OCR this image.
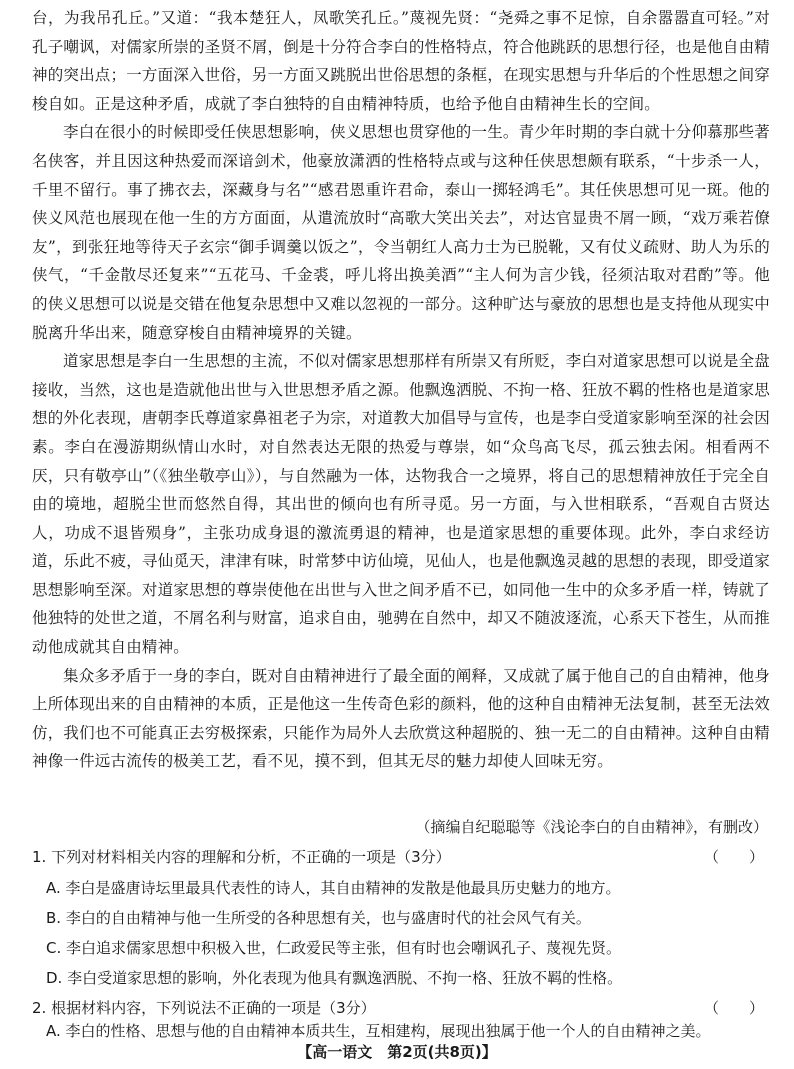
台，为我吊孔丘。”又道：“我本楚狂人，凤歌笑孔丘。”蔑视先贤：“尧舜之事不足惊，自余嚣嚣直可轻。”对孔子嘲讽，对儒家所崇的圣贤不屑，倒是十分符合李白的性格特点，符合他跳跃的思想行径，也是他自由精神的突出点；一方面深入世俗，另一方面又跳脱出世俗思想的条框，在现实思想与升华后的个性思想之间穿梭自如。正是这种矛盾，成就了李白独特的自由精神特质，也给予他自由精神生长的空间。

李白在很小的时候即受任侠思想影响，侠义思想也贯穿他的一生。青少年时期的李白就十分仰慕那些著名侠客，并且因这种热爱而深谙剑术，他豪放潇洒的性格特点或与这种任侠思想颇有联系，“十步杀一人，千里不留行。事了拂衣去，深藏身与名”“感君恩重许君命，泰山一掷轻鸿毛”。其任侠思想可见一斑。他的侠义风范也展现在他一生的方方面面，从遣流放时“高歌大笑出关去”，对达官显贵不屑一顾，“戏万乘若僚友”，到张狂地等待天子玄宗“御手调羹以饭之”，令当朝红人高力士为已脱靴，又有仗义疏财、助人为乐的侠气，“千金散尽还复来”“五花马、千金裘，呼儿将出换美酒”“主人何为言少钱，径须沽取对君酌”等。他的侠义思想可以说是交错在他复杂思想中又难以忽视的一部分。这种旷达与豪放的思想也是支持他从现实中脱离升华出来，随意穿梭自由精神境界的关键。

道家思想是李白一生思想的主流，不似对儒家思想那样有所崇又有所贬，李白对道家思想可以说是全盘接收，当然，这也是造就他出世与入世思想矛盾之源。他飘逸洒脱、不拘一格、狂放不羁的性格也是道家思想的外化表现，唐朝李氏尊道家鼻祖老子为宗，对道教大加倡导与宣传，也是李白受道家影响至深的社会因素。李白在漫游期纵情山水时，对自然表达无限的热爱与尊崇，如“众鸟高飞尽，孤云独去闲。相看两不厌，只有敬亭山”（《独坐敬亭山》），与自然融为一体，达物我合一之境界，将自己的思想精神放任于完全自由的境地，超脱尘世而悠然自得，其出世的倾向也有所寻觅。另一方面，与入世相联系，“吾观自古贤达人，功成不退皆殒身”，主张功成身退的激流勇退的精神，也是道家思想的重要体现。此外，李白求经访道，乐此不疲，寻仙觅天，津津有味，时常梦中访仙境，见仙人，也是他飘逸灵越的思想的表现，即受道家思想影响至深。对道家思想的尊崇使他在出世与入世之间矛盾不已，如同他一生中的众多矛盾一样，铸就了他独特的处世之道，不屑名利与财富，追求自由，驰骋在自然中，却又不随波逐流，心系天下苍生，从而推动他成就其自由精神。

集众多矛盾于一身的李白，既对自由精神进行了最全面的阐释，又成就了属于他自己的自由精神，他身上所体现出来的自由精神的本质，正是他这一生传奇色彩的颜料，他的这种自由精神无法复制，甚至无法效仿，我们也不可能真正去穷极探索，只能作为局外人去欣赏这种超脱的、独一无二的自由精神。这种自由精神像一件远古流传的极美工艺，看不见，摸不到，但其无尽的魅力却使人回味无穷。

（摘编自纪聪聪等《浅论李白的自由精神》，有删改）
1. 下列对材料相关内容的理解和分析，不正确的一项是（3分）	（　　）
A. 李白是盛唐诗坛里最具代表性的诗人，其自由精神的发散是他最具历史魅力的地方。
B. 李白的自由精神与他一生所受的各种思想有关，也与盛唐时代的社会风气有关。
C. 李白追求儒家思想中积极入世，仁政爱民等主张，但有时也会嘲讽孔子、蔑视先贤。
D. 李白受道家思想的影响，外化表现为他具有飘逸洒脱、不拘一格、狂放不羁的性格。
2. 根据材料内容，下列说法不正确的一项是（3分）	（　　）
A. 李白的性格、思想与他的自由精神本质共生，互相建构，展现出独属于他一个人的自由精神之美。
【高一语文　第2页(共8页)】
